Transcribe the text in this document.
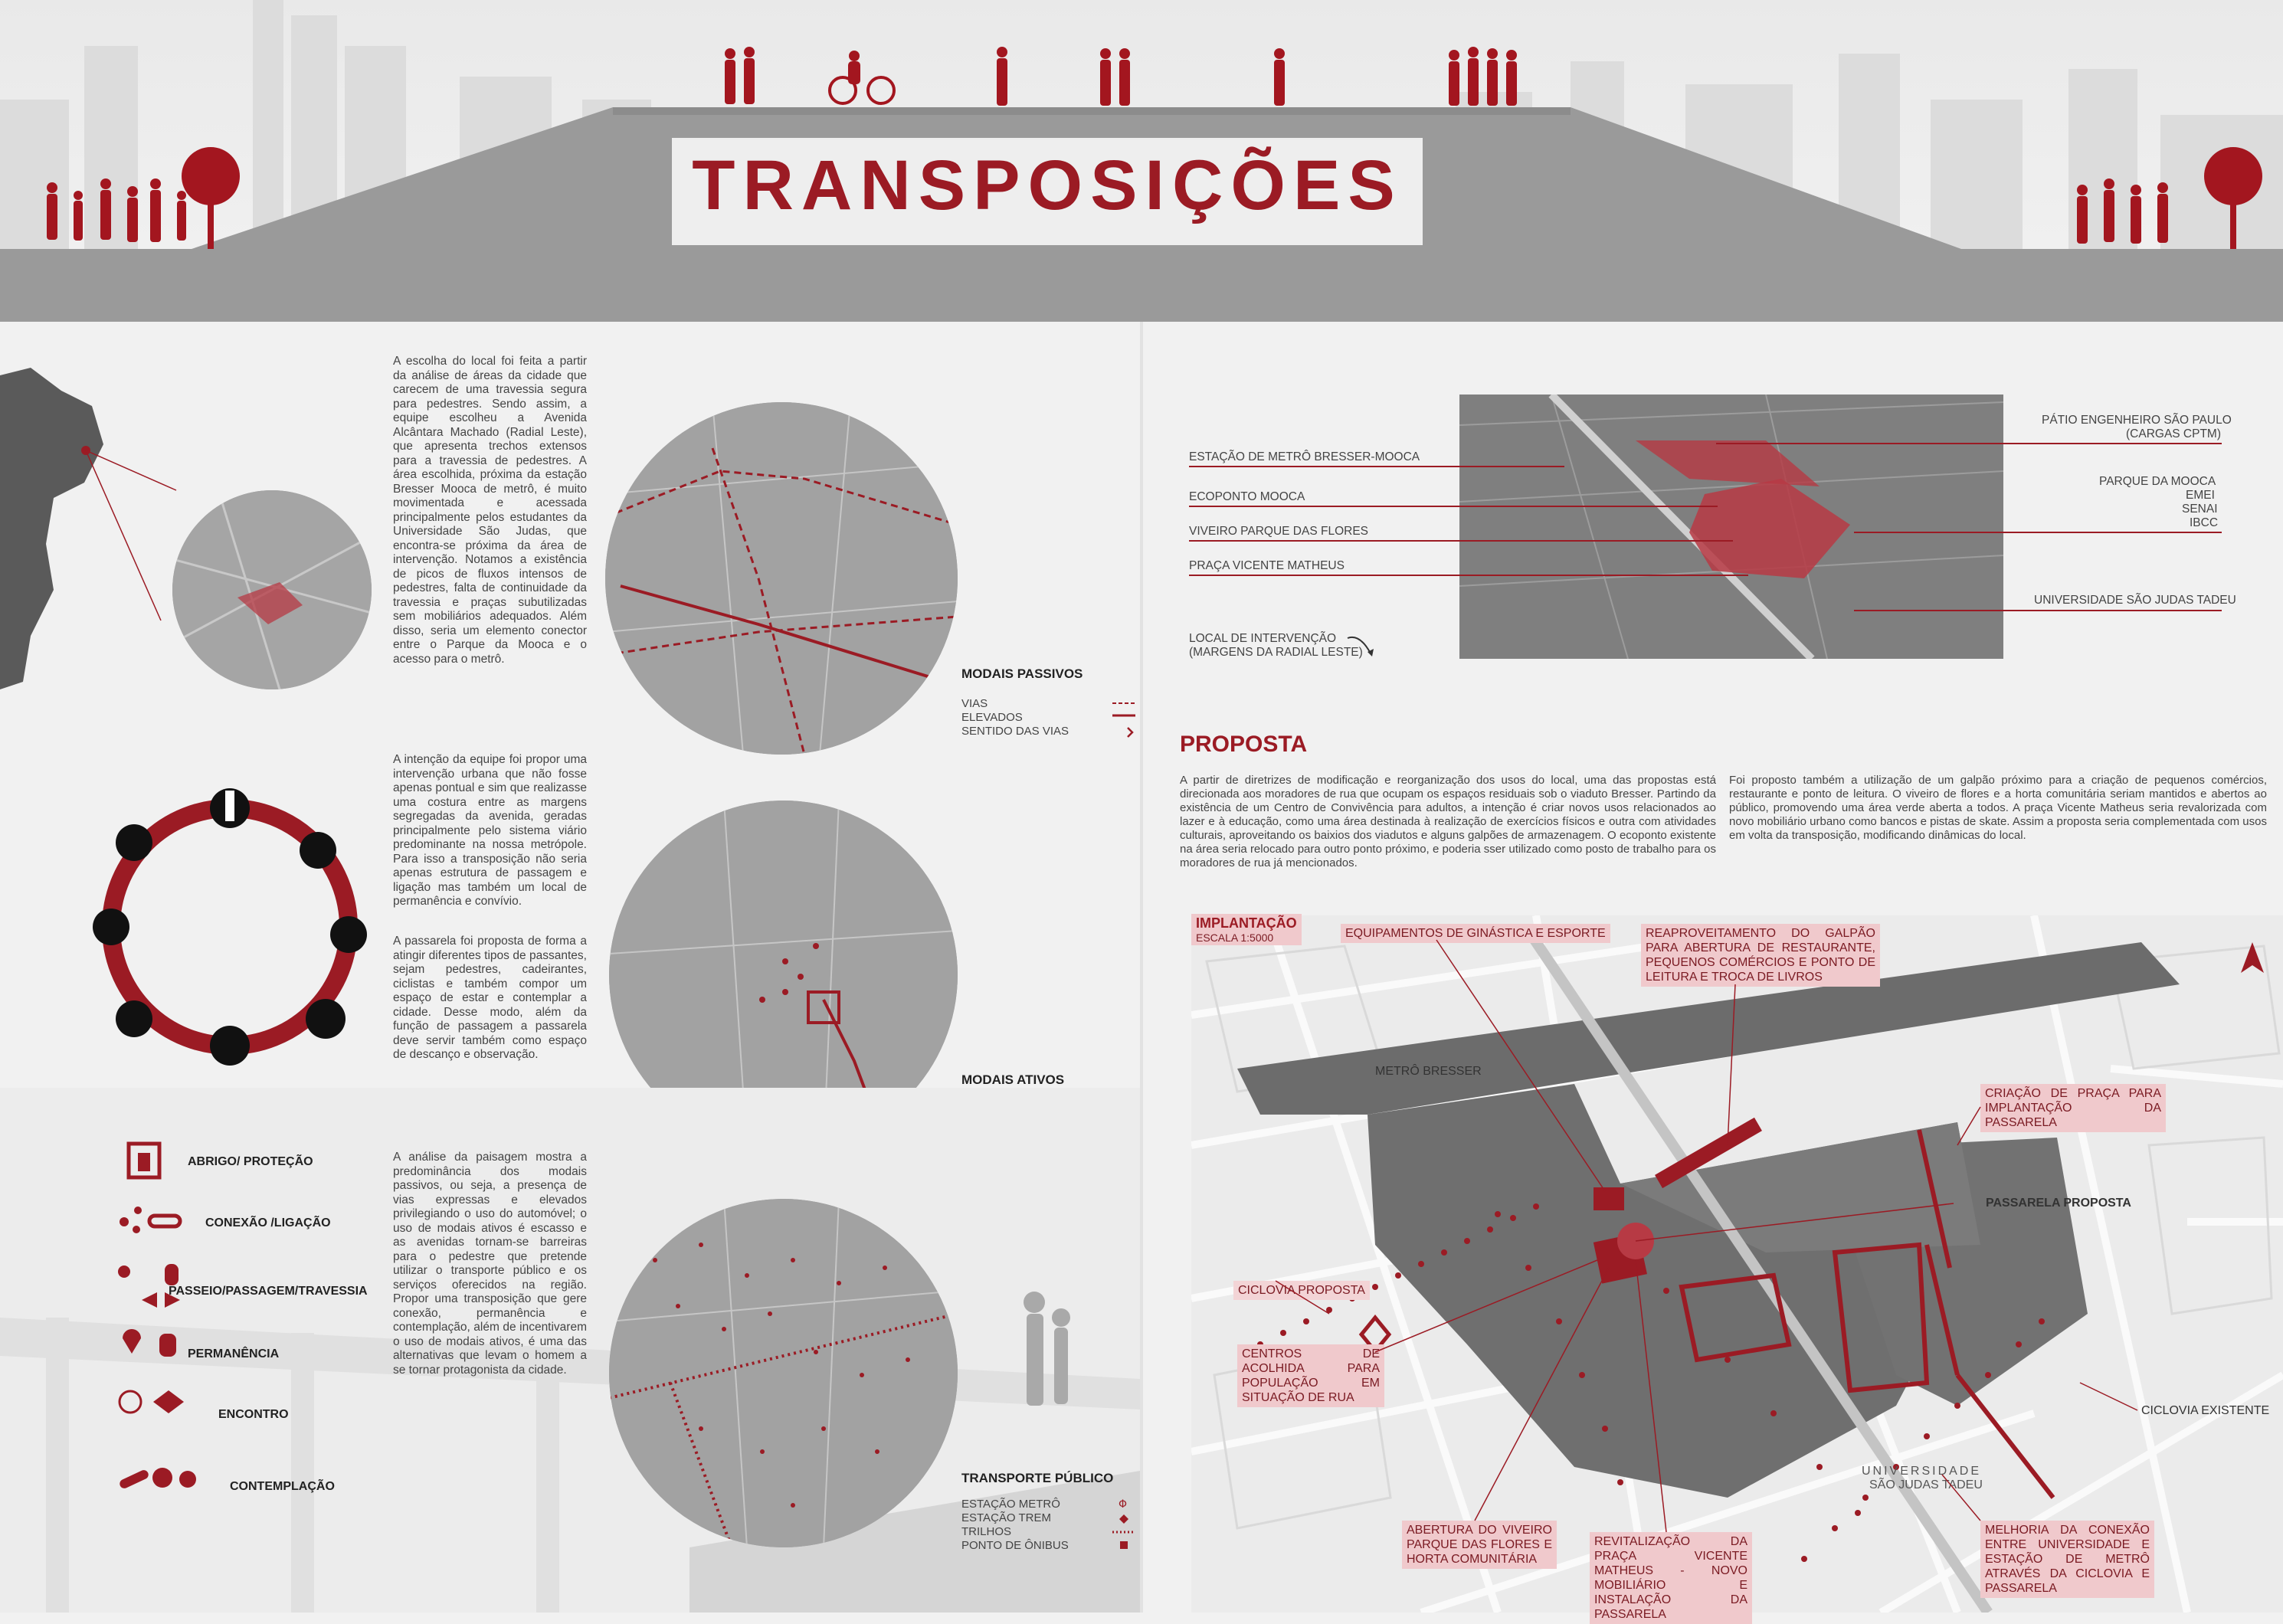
TRANSPOSIÇÕES
A escolha do local foi feita a partir da análise de áreas da cidade que carecem de uma travessia segura para pedestres. Sendo assim, a equipe escolheu a Avenida Alcântara Machado (Radial Leste), que apresenta trechos extensos para a travessia de pedestres. A área escolhida, próxima da estação Bresser Mooca de metrô, é muito movimentada e acessada principalmente pelos estudantes da Universidade São Judas, que encontra-se próxima da área de intervenção. Notamos a existência de picos de fluxos intensos de pedestres, falta de continuidade da travessia e praças subutilizadas sem mobiliários adequados. Além disso, seria um elemento conector entre o Parque da Mooca e o acesso para o metrô.
MODAIS PASSIVOS
VIAS
ELEVADOS
SENTIDO DAS VIAS
A intenção da equipe foi propor uma intervenção urbana que não fosse apenas pontual e sim que realizasse uma costura entre as margens segregadas da avenida, geradas principalmente pelo sistema viário predominante na nossa metrópole. Para isso a transposição não seria apenas estrutura de passagem e ligação mas também um local de permanência e convívio.
A passarela foi proposta de forma a atingir diferentes tipos de passantes, sejam pedestres, cadeirantes, ciclistas e também compor um espaço de estar e contemplar a cidade. Desse modo, além da função de passagem a passarela deve servir também como espaço de descanço e observação.
MODAIS ATIVOS
ABRIGO/ PROTEÇÃO
CONEXÃO /LIGAÇÃO
PASSEIO/PASSAGEM/TRAVESSIA
PERMANÊNCIA
ENCONTRO
CONTEMPLAÇÃO
A análise da paisagem mostra a predominância dos modais passivos, ou seja, a presença de vias expressas e elevados privilegiando o uso do automóvel; o uso de modais ativos é escasso e as avenidas tornam-se barreiras para o pedestre que pretende utilizar o transporte público e os serviços oferecidos na região. Propor uma transposição que gere conexão, permanência e contemplação, além de incentivarem o uso de modais ativos, é uma das alternativas que levam o homem a se tornar protagonista da cidade.
TRANSPORTE PÚBLICO
ESTAÇÃO METRÔ
ESTAÇÃO TREM
TRILHOS
PONTO DE ÔNIBUS
Φ
ESTAÇÃO DE METRÔ BRESSER-MOOCA
ECOPONTO MOOCA
VIVEIRO PARQUE DAS FLORES
PRAÇA VICENTE MATHEUS
PÁTIO ENGENHEIRO SÃO PAULO
(CARGAS CPTM)
PARQUE DA MOOCA
EMEI
SENAI
IBCC
UNIVERSIDADE SÃO JUDAS TADEU
LOCAL DE INTERVENÇÃO
(MARGENS DA RADIAL LESTE)
PROPOSTA
A partir de diretrizes de modificação e reorganização dos usos do local, uma das propostas está direcionada aos moradores de rua que ocupam os espaços residuais sob o viaduto Bresser. Partindo da existência de um Centro de Convivência para adultos, a intenção é criar novos usos relacionados ao lazer e à educação, como uma área destinada à realização de exercícios físicos e outra com atividades culturais, aproveitando os baixios dos viadutos e alguns galpões de armazenagem. O ecoponto existente na área seria relocado para outro ponto próximo, e poderia sser utilizado como posto de trabalho para os moradores de rua já mencionados.
Foi proposto também a utilização de um galpão próximo para a criação de pequenos comércios, restaurante e ponto de leitura. O viveiro de flores e a horta comunitária seriam mantidos e abertos ao público, promovendo uma área verde aberta a todos. A praça Vicente Matheus seria revalorizada com novo mobiliário urbano como bancos e pistas de skate. Assim a proposta seria complementada com usos em volta da transposição, modificando dinâmicas do local.
IMPLANTAÇÃO
ESCALA 1:5000	EQUIPAMENTOS DE GINÁSTICA E ESPORTE	REAPROVEITAMENTO DO GALPÃO PARA ABERTURA DE RESTAURANTE, PEQUENOS COMÉRCIOS E PONTO DE LEITURA E TROCA DE LIVROS
METRÔ BRESSER
CRIAÇÃO DE PRAÇA PARA IMPLANTAÇÃO DA PASSARELA
PASSARELA PROPOSTA
CICLOVIA PROPOSTA
CENTROS DE ACOLHIDA PARA POPULAÇÃO EM SITUAÇÃO DE RUA
CICLOVIA EXISTENTE
UNIVERSIDADE
SÃO JUDAS TADEU
ABERTURA DO VIVEIRO PARQUE DAS FLORES E HORTA COMUNITÁRIA
REVITALIZAÇÃO DA PRAÇA VICENTE MATHEUS - NOVO MOBILIÁRIO E INSTALAÇÃO DA PASSARELA
MELHORIA DA CONEXÃO ENTRE UNIVERSIDADE E ESTAÇÃO DE METRÔ ATRAVÉS DA CICLOVIA E PASSARELA
